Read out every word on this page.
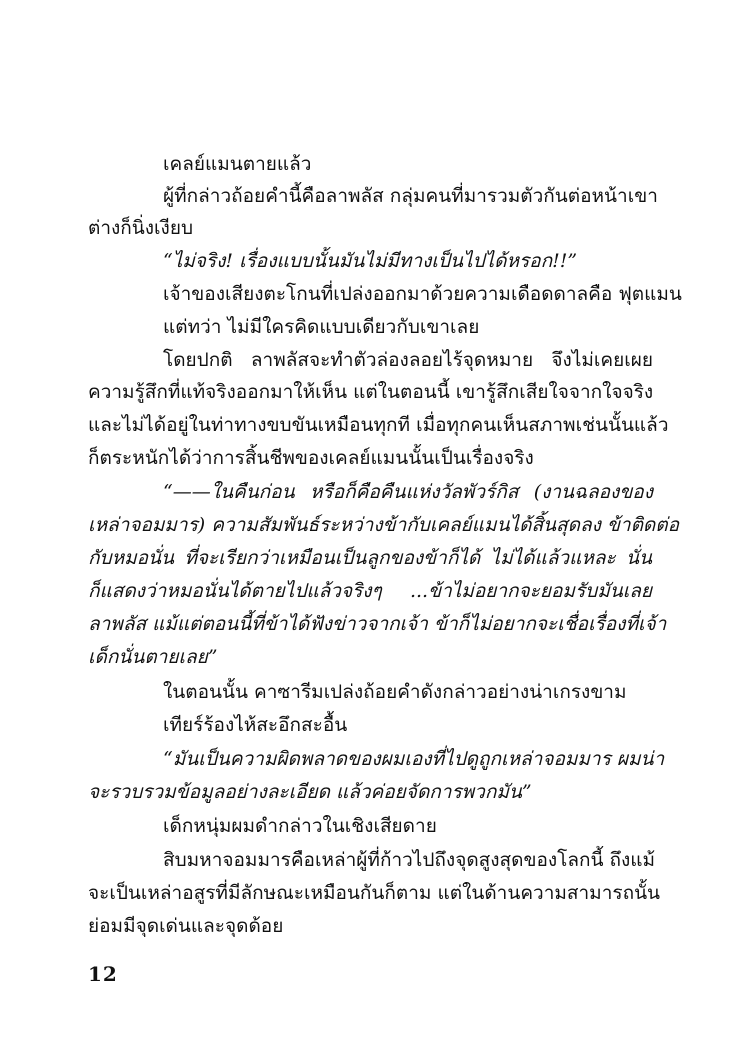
เคลย์แมนตายแล้ว
ผู้ที่กล่าวถ้อยคำนี้คือลาพลัส กลุ่มคนที่มารวมตัวกันต่อหน้าเขา
ต่างก็นิ่งเงียบ
“ไม่จริง! เรื่องแบบนั้นมันไม่มีทางเป็นไปได้หรอก!!”
เจ้าของเสียงตะโกนที่เปล่งออกมาด้วยความเดือดดาลคือ ฟุตแมน
แต่ทว่า ไม่มีใครคิดแบบเดียวกับเขาเลย
โดยปกติ ลาพลัสจะทำตัวล่องลอยไร้จุดหมาย จึงไม่เคยเผย
ความรู้สึกที่แท้จริงออกมาให้เห็น แต่ในตอนนี้ เขารู้สึกเสียใจจากใจจริง
และไม่ได้อยู่ในท่าทางขบขันเหมือนทุกที เมื่อทุกคนเห็นสภาพเช่นนั้นแล้ว
ก็ตระหนักได้ว่าการสิ้นชีพของเคลย์แมนนั้นเป็นเรื่องจริง
“——ในคืนก่อน หรือก็คือคืนแห่งวัลพัวร์กิส (งานฉลองของ
เหล่าจอมมาร) ความสัมพันธ์ระหว่างข้ากับเคลย์แมนได้สิ้นสุดลง ข้าติดต่อ
กับหมอนั่น ที่จะเรียกว่าเหมือนเป็นลูกของข้าก็ได้ ไม่ได้แล้วแหละ นั่น
ก็แสดงว่าหมอนั่นได้ตายไปแล้วจริงๆ ...ข้าไม่อยากจะยอมรับมันเลย
ลาพลัส แม้แต่ตอนนี้ที่ข้าได้ฟังข่าวจากเจ้า ข้าก็ไม่อยากจะเชื่อเรื่องที่เจ้า
เด็กนั่นตายเลย”
ในตอนนั้น คาซารีมเปล่งถ้อยคำดังกล่าวอย่างน่าเกรงขาม
เทียร์ร้องไห้สะอึกสะอื้น
“มันเป็นความผิดพลาดของผมเองที่ไปดูถูกเหล่าจอมมาร ผมน่า
จะรวบรวมข้อมูลอย่างละเอียด แล้วค่อยจัดการพวกมัน”
เด็กหนุ่มผมดำกล่าวในเชิงเสียดาย
สิบมหาจอมมารคือเหล่าผู้ที่ก้าวไปถึงจุดสูงสุดของโลกนี้ ถึงแม้
จะเป็นเหล่าอสูรที่มีลักษณะเหมือนกันก็ตาม แต่ในด้านความสามารถนั้น
ย่อมมีจุดเด่นและจุดด้อย
12
